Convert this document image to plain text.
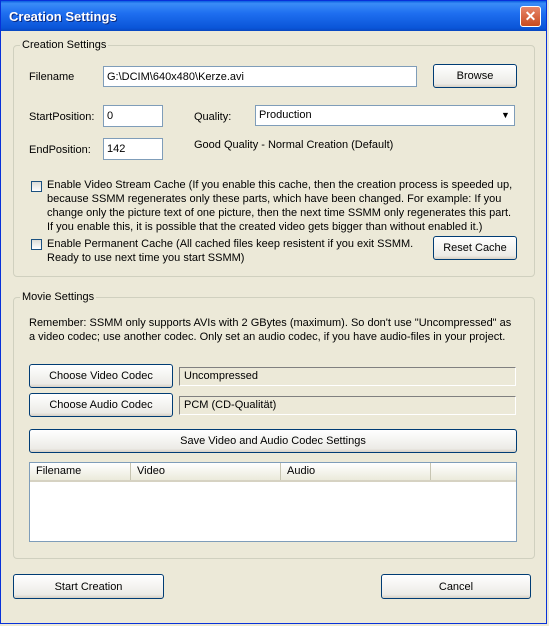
Creation Settings	✕
Creation Settings
Filename
G:\DCIM\640x480\Kerze.avi	Browse
StartPosition:
0	Quality:	Production	▼
EndPosition:
142	Good Quality - Normal Creation (Default)
Enable Video Stream Cache (If you enable this cache, then the creation process is speeded up, because SSMM regenerates only these parts, which have been changed. For example: If you change only the picture text of one picture, then the next time SSMM only regenerates this part. If you enable this, it is possible that the created video gets bigger than without enabled it.)
Enable Permanent Cache (All cached files keep resistent if you exit SSMM. Ready to use next time you start SSMM)
Reset Cache
Movie Settings
Remember: SSMM only supports AVIs with 2 GBytes (maximum). So don't use "Uncompressed" as a video codec; use another codec. Only set an audio codec, if you have audio-files in your project.
Choose Video Codec	Uncompressed
Choose Audio Codec	PCM (CD-Qualität)
Save Video and Audio Codec Settings
Filename	Video	Audio
Start Creation	Cancel
